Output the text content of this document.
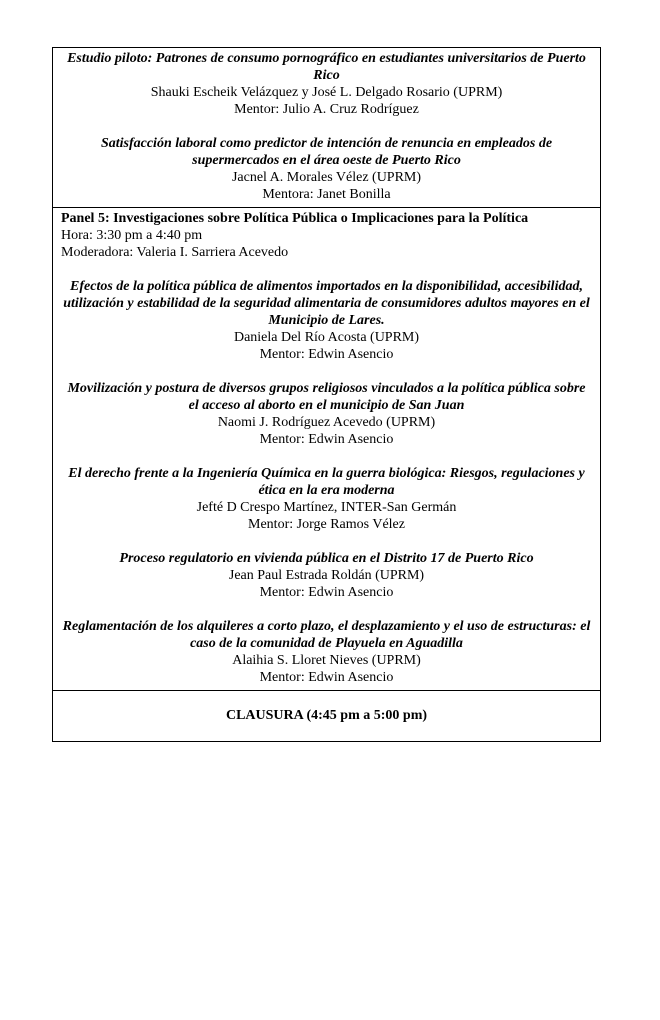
Estudio piloto: Patrones de consumo pornográfico en estudiantes universitarios de Puerto Rico
Shauki Escheik Velázquez y José L. Delgado Rosario (UPRM)
Mentor: Julio A. Cruz Rodríguez
Satisfacción laboral como predictor de intención de renuncia en empleados de supermercados en el área oeste de Puerto Rico
Jacnel A. Morales Vélez (UPRM)
Mentora: Janet Bonilla
Panel 5: Investigaciones sobre Política Pública o Implicaciones para la Política
Hora: 3:30 pm a 4:40 pm
Moderadora: Valeria I. Sarriera Acevedo
Efectos de la política pública de alimentos importados en la disponibilidad, accesibilidad, utilización y estabilidad de la seguridad alimentaria de consumidores adultos mayores en el Municipio de Lares.
Daniela Del Río Acosta (UPRM)
Mentor: Edwin Asencio
Movilización y postura de diversos grupos religiosos vinculados a la política pública sobre el acceso al aborto en el municipio de San Juan
Naomi J. Rodríguez Acevedo (UPRM)
Mentor: Edwin Asencio
El derecho frente a la Ingeniería Química en la guerra biológica: Riesgos, regulaciones y ética en la era moderna
Jefté D Crespo Martínez, INTER-San Germán
Mentor: Jorge Ramos Vélez
Proceso regulatorio en vivienda pública en el Distrito 17 de Puerto Rico
Jean Paul Estrada Roldán (UPRM)
Mentor: Edwin Asencio
Reglamentación de los alquileres a corto plazo, el desplazamiento y el uso de estructuras: el caso de la comunidad de Playuela en Aguadilla
Alaihia S. Lloret Nieves (UPRM)
Mentor: Edwin Asencio
CLAUSURA (4:45 pm a 5:00 pm)
